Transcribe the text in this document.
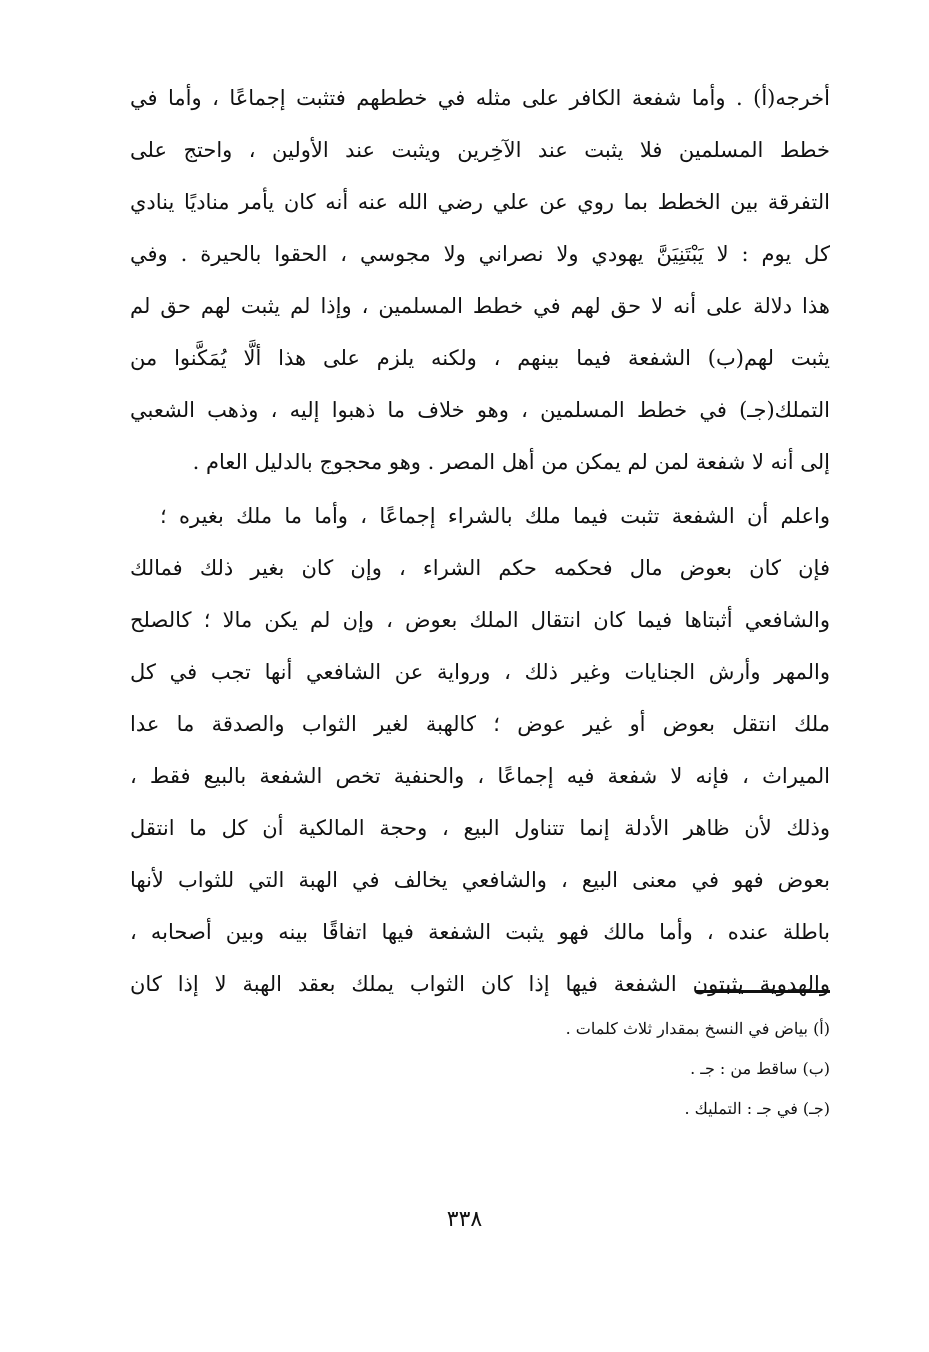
أخرجه(أ) . وأما شفعة الكافر على مثله في خططهم فتثبت إجماعًا ، وأما في
خطط المسلمين فلا يثبت عند الآخِرين ويثبت عند الأولين ، واحتج على
التفرقة بين الخطط بما روي عن علي رضي الله عنه أنه كان يأمر مناديًا ينادي
كل يوم : لا يَبْتَنِيَنَّ يهودي ولا نصراني ولا مجوسي ، الحقوا بالحيرة . وفي
هذا دلالة على أنه لا حق لهم في خطط المسلمين ، وإذا لم يثبت لهم حق لم
يثبت لهم(ب) الشفعة فيما بينهم ، ولكنه يلزم على هذا ألَّا يُمَكَّنوا من
التملك(جـ) في خطط المسلمين ، وهو خلاف ما ذهبوا إليه ، وذهب الشعبي
إلى أنه لا شفعة لمن لم يمكن من أهل المصر . وهو محجوج بالدليل العام .
واعلم أن الشفعة تثبت فيما ملك بالشراء إجماعًا ، وأما ما ملك بغيره ؛
فإن كان بعوض مال فحكمه حكم الشراء ، وإن كان بغير ذلك فمالك
والشافعي أثبتاها فيما كان انتقال الملك بعوض ، وإن لم يكن مالا ؛ كالصلح
والمهر وأرش الجنايات وغير ذلك ، ورواية عن الشافعي أنها تجب في كل
ملك انتقل بعوض أو غير عوض ؛ كالهبة لغير الثواب والصدقة ما عدا
الميراث ، فإنه لا شفعة فيه إجماعًا ، والحنفية تخص الشفعة بالبيع فقط ،
وذلك لأن ظاهر الأدلة إنما تتناول البيع ، وحجة المالكية أن كل ما انتقل
بعوض فهو في معنى البيع ، والشافعي يخالف في الهبة التي للثواب لأنها
باطلة عنده ، وأما مالك فهو يثبت الشفعة فيها اتفاقًا بينه وبين أصحابه ،
والهدوية يثبتون الشفعة فيها إذا كان الثواب يملك بعقد الهبة لا إذا كان
(أ) بياض في النسخ بمقدار ثلاث كلمات .
(ب) ساقط من : جـ .
(جـ) في جـ : التمليك .
٣٣٨
